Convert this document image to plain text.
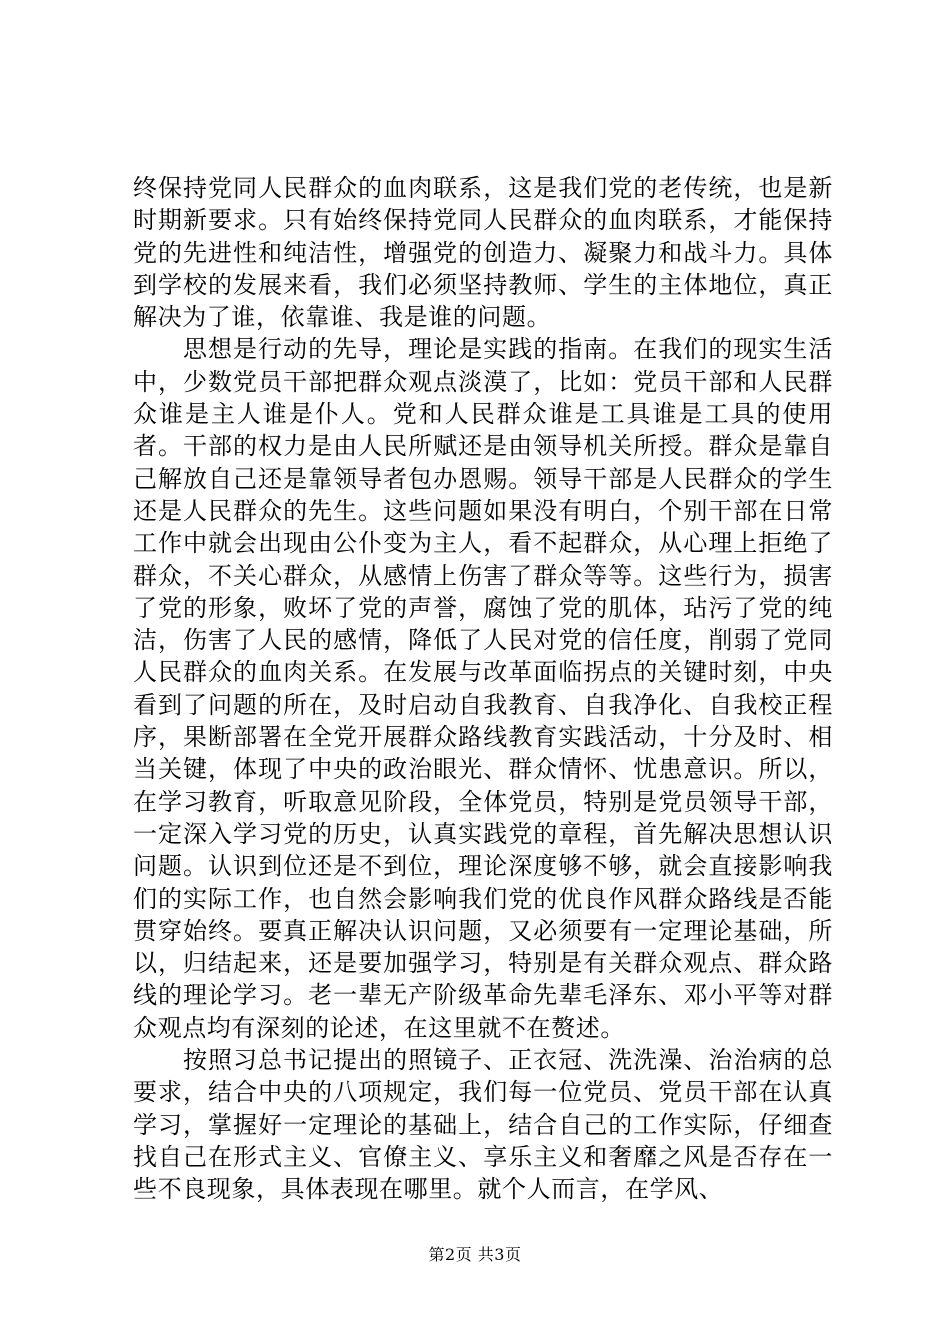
终保持党同人民群众的血肉联系，这是我们党的老传统，也是新时期新要求。只有始终保持党同人民群众的血肉联系，才能保持党的先进性和纯洁性，增强党的创造力、凝聚力和战斗力。具体到学校的发展来看，我们必须坚持教师、学生的主体地位，真正解决为了谁，依靠谁、我是谁的问题。

思想是行动的先导，理论是实践的指南。在我们的现实生活中，少数党员干部把群众观点淡漠了，比如：党员干部和人民群众谁是主人谁是仆人。党和人民群众谁是工具谁是工具的使用者。干部的权力是由人民所赋还是由领导机关所授。群众是靠自己解放自己还是靠领导者包办恩赐。领导干部是人民群众的学生还是人民群众的先生。这些问题如果没有明白，个别干部在日常工作中就会出现由公仆变为主人，看不起群众，从心理上拒绝了群众，不关心群众，从感情上伤害了群众等等。这些行为，损害了党的形象，败坏了党的声誉，腐蚀了党的肌体，玷污了党的纯洁，伤害了人民的感情，降低了人民对党的信任度，削弱了党同人民群众的血肉关系。在发展与改革面临拐点的关键时刻，中央看到了问题的所在，及时启动自我教育、自我净化、自我校正程序，果断部署在全党开展群众路线教育实践活动，十分及时、相当关键，体现了中央的政治眼光、群众情怀、忧患意识。所以，在学习教育，听取意见阶段，全体党员，特别是党员领导干部，一定深入学习党的历史，认真实践党的章程，首先解决思想认识问题。认识到位还是不到位，理论深度够不够，就会直接影响我们的实际工作，也自然会影响我们党的优良作风群众路线是否能贯穿始终。要真正解决认识问题，又必须要有一定理论基础，所以，归结起来，还是要加强学习，特别是有关群众观点、群众路线的理论学习。老一辈无产阶级革命先辈毛泽东、邓小平等对群众观点均有深刻的论述，在这里就不在赘述。

按照习总书记提出的照镜子、正衣冠、洗洗澡、治治病的总要求，结合中央的八项规定，我们每一位党员、党员干部在认真学习，掌握好一定理论的基础上，结合自己的工作实际，仔细查找自己在形式主义、官僚主义、享乐主义和奢靡之风是否存在一些不良现象，具体表现在哪里。就个人而言，在学风、

第2页 共3页
